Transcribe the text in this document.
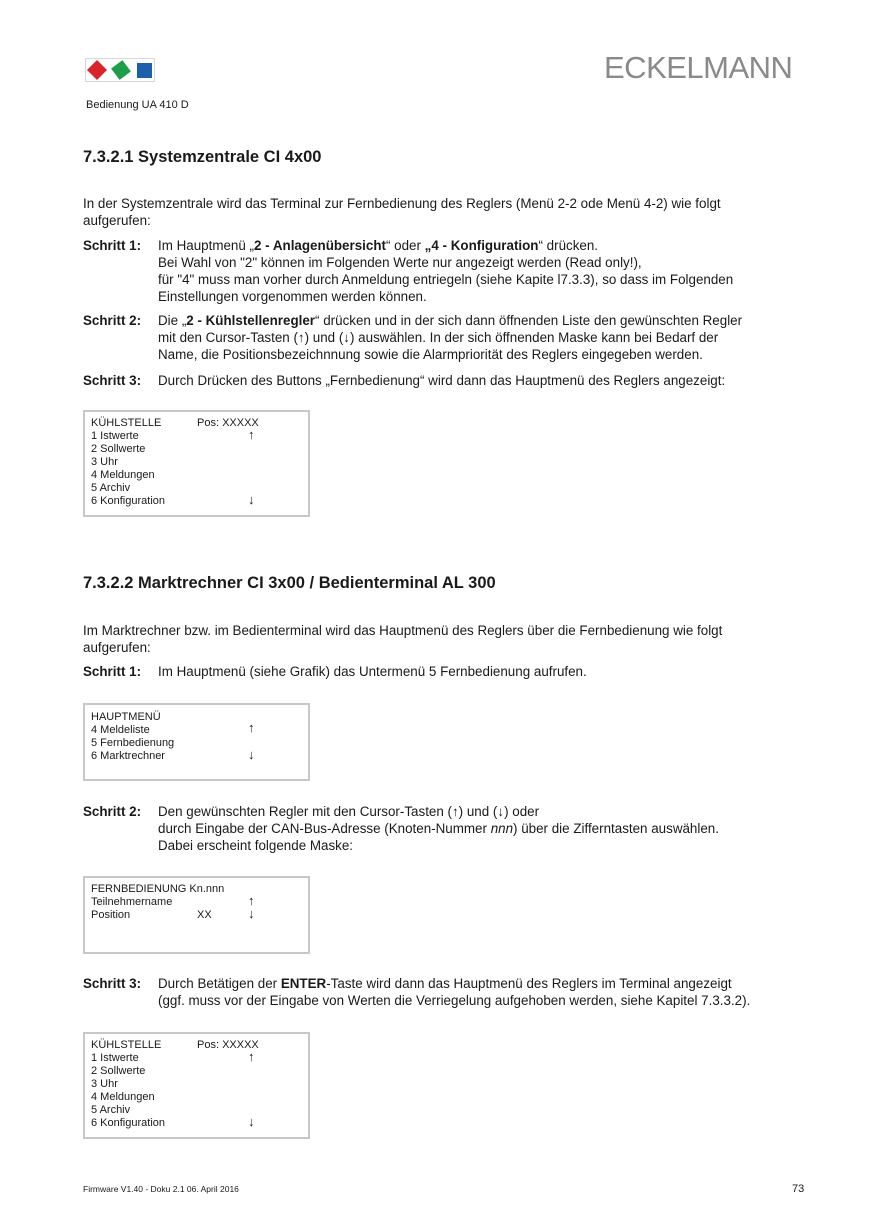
ECKELMANN
Bedienung UA 410 D
7.3.2.1 Systemzentrale CI 4x00
In der Systemzentrale wird das Terminal zur Fernbedienung des Reglers (Menü 2-2 ode Menü 4-2) wie folgt
aufgerufen:
Schritt 1: Im Hauptmenü „2 - Anlagenübersicht“ oder „4 - Konfiguration“ drücken.
Bei Wahl von "2" können im Folgenden Werte nur angezeigt werden (Read only!),
für "4" muss man vorher durch Anmeldung entriegeln (siehe Kapite l7.3.3), so dass im Folgenden
Einstellungen vorgenommen werden können.
Schritt 2: Die „2 - Kühlstellenregler“ drücken und in der sich dann öffnenden Liste den gewünschten Regler
mit den Cursor-Tasten (↑) und (↓) auswählen. In der sich öffnenden Maske kann bei Bedarf der
Name, die Positionsbezeichnnung sowie die Alarmpriorität des Reglers eingegeben werden.
Schritt 3: Durch Drücken des Buttons „Fernbedienung“ wird dann das Hauptmenü des Reglers angezeigt:
KÜHLSTELLE	Pos: XXXXX
↑
1 Istwerte
2 Sollwerte
3 Uhr
4 Meldungen
5 Archiv
6 Konfiguration	↓
7.3.2.2 Marktrechner CI 3x00 / Bedienterminal AL 300
Im Marktrechner bzw. im Bedienterminal wird das Hauptmenü des Reglers über die Fernbedienung wie folgt
aufgerufen:
Schritt 1: Im Hauptmenü (siehe Grafik) das Untermenü 5 Fernbedienung aufrufen.
HAUPTMENÜ
↑
4 Meldeliste
5 Fernbedienung
6 Marktrechner	↓
Schritt 2: Den gewünschten Regler mit den Cursor-Tasten (↑) und (↓) oder
durch Eingabe der CAN-Bus-Adresse (Knoten-Nummer nnn) über die Zifferntasten auswählen.
Dabei erscheint folgende Maske:
FERNBEDIENUNG Kn.nnn
↑
Teilnehmername
Position	XX	↓
Schritt 3: Durch Betätigen der ENTER-Taste wird dann das Hauptmenü des Reglers im Terminal angezeigt
(ggf. muss vor der Eingabe von Werten die Verriegelung aufgehoben werden, siehe Kapitel 7.3.3.2).
KÜHLSTELLE	Pos: XXXXX
↑
1 Istwerte
2 Sollwerte
3 Uhr
4 Meldungen
5 Archiv
6 Konfiguration	↓
Firmware V1.40 - Doku 2.1 06. April 2016	73
